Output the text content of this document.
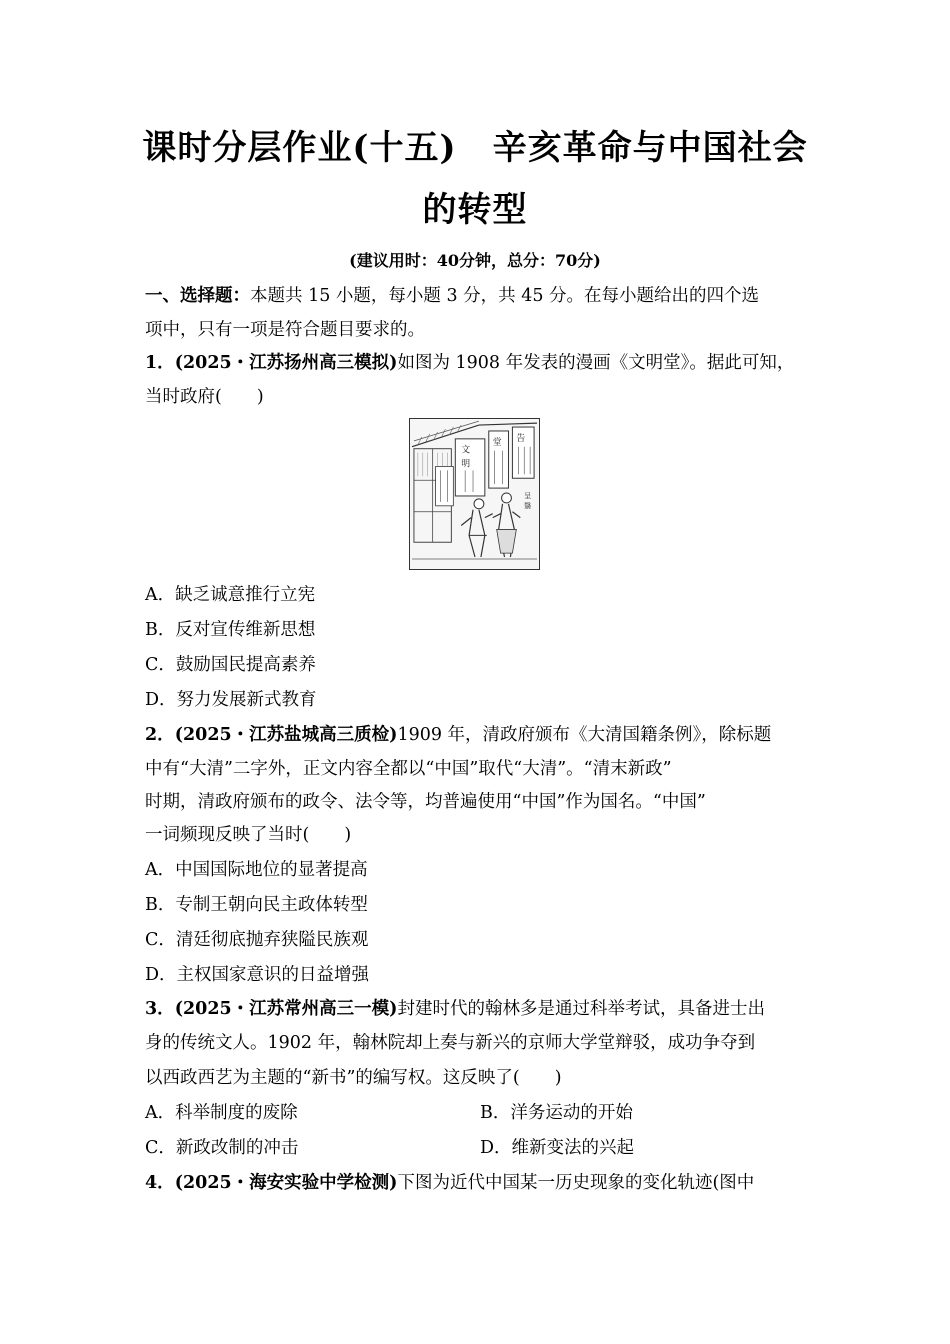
课时分层作业(十五) 辛亥革命与中国社会
的转型
(建议用时：40分钟，总分：70分)
一、选择题：本题共 15 小题，每小题 3 分，共 45 分。在每小题给出的四个选
项中，只有一项是符合题目要求的。
1．(2025・江苏扬州高三模拟)如图为 1908 年发表的漫画《文明堂》。据此可知，
当时政府(　　)
文
明
堂 告
呈
翳
A．缺乏诚意推行立宪
B．反对宣传维新思想
C．鼓励国民提高素养
D．努力发展新式教育
2．(2025・江苏盐城高三质检)1909 年，清政府颁布《大清国籍条例》，除标题
中有“大清”二字外，正文内容全都以“中国”取代“大清”。“清末新政”
时期，清政府颁布的政令、法令等，均普遍使用“中国”作为国名。“中国”
一词频现反映了当时(　　)
A．中国国际地位的显著提高
B．专制王朝向民主政体转型
C．清廷彻底抛弃狭隘民族观
D．主权国家意识的日益增强
3．(2025・江苏常州高三一模)封建时代的翰林多是通过科举考试，具备进士出
身的传统文人。1902 年，翰林院却上奏与新兴的京师大学堂辩驳，成功争夺到
以西政西艺为主题的“新书”的编写权。这反映了(　　)
A．科举制度的废除	B．洋务运动的开始
C．新政改制的冲击	D．维新变法的兴起
4．(2025・海安实验中学检测)下图为近代中国某一历史现象的变化轨迹(图中
